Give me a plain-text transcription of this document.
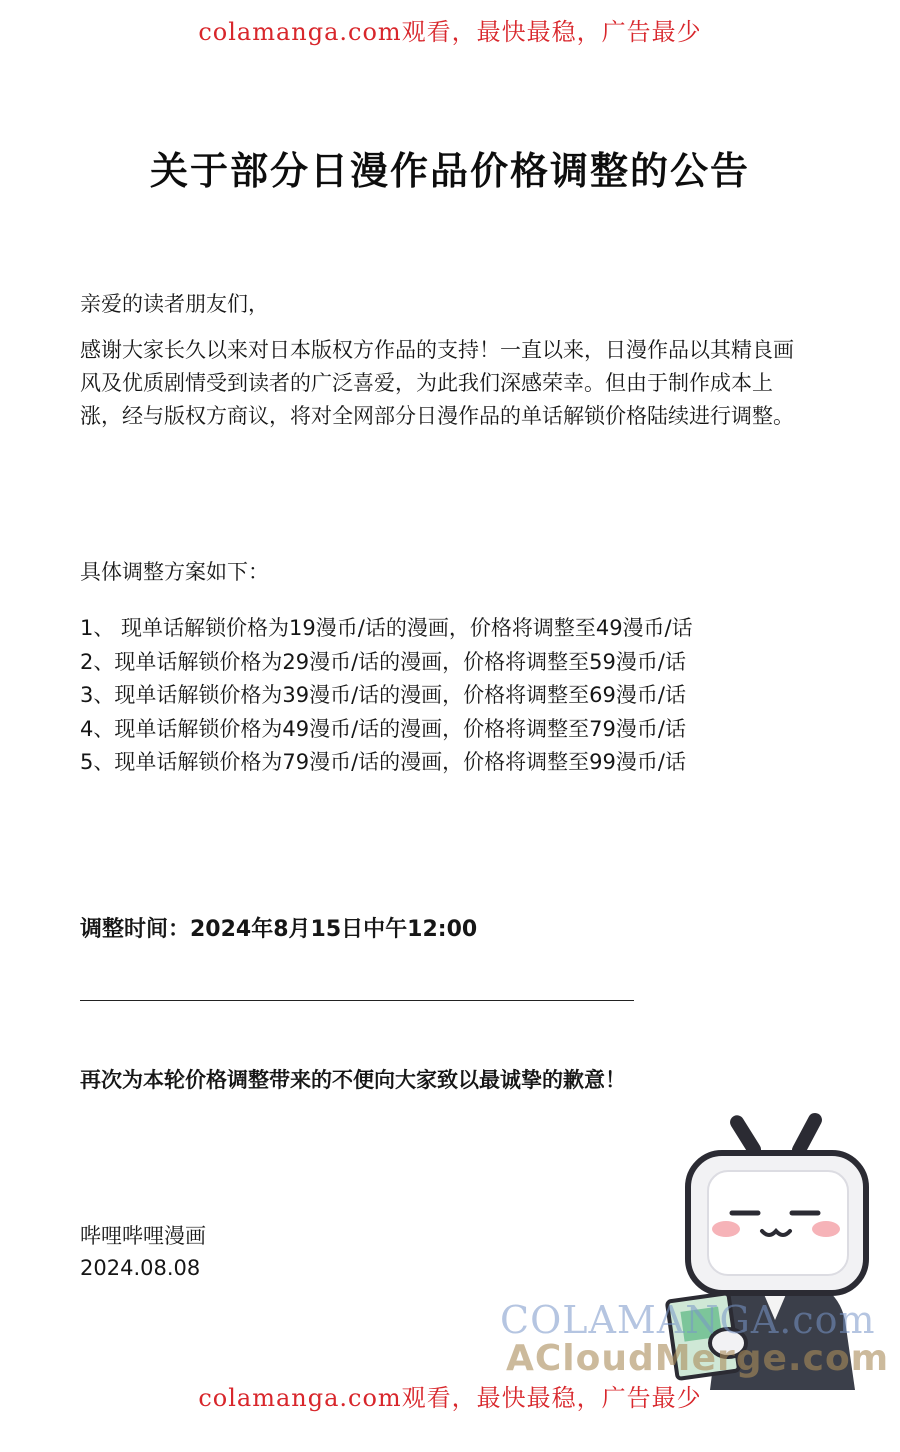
colamanga.com观看，最快最稳，广告最少
关于部分日漫作品价格调整的公告
亲爱的读者朋友们，
感谢大家长久以来对日本版权方作品的支持！一直以来，日漫作品以其精良画风及优质剧情受到读者的广泛喜爱，为此我们深感荣幸。但由于制作成本上涨，经与版权方商议，将对全网部分日漫作品的单话解锁价格陆续进行调整。
具体调整方案如下：
1、 现单话解锁价格为19漫币/话的漫画，价格将调整至49漫币/话
2、现单话解锁价格为29漫币/话的漫画，价格将调整至59漫币/话
3、现单话解锁价格为39漫币/话的漫画，价格将调整至69漫币/话
4、现单话解锁价格为49漫币/话的漫画，价格将调整至79漫币/话
5、现单话解锁价格为79漫币/话的漫画，价格将调整至99漫币/话
调整时间：2024年8月15日中午12:00
再次为本轮价格调整带来的不便向大家致以最诚挚的歉意！
哔哩哔哩漫画
2024.08.08
COLAMANGA.com
ACloudMerge.com
colamanga.com观看，最快最稳，广告最少
